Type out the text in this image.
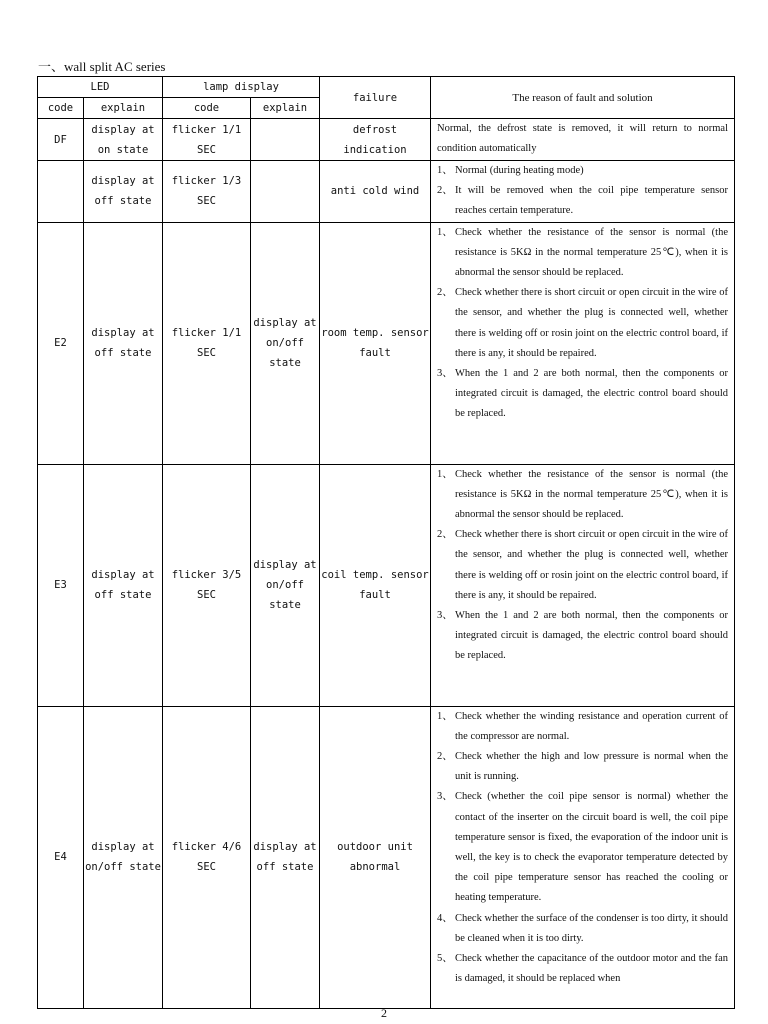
一、wall split AC series
LED		lamp display		failure	The reason of fault and solution
code	explain	code	explain		
DF	display at on state	flicker 1/1 SEC		defrost indication	Normal, the defrost state is removed, it will return to normal condition automatically

	display at off state	flicker 1/3 SEC		anti cold wind	1、 Normal (during heating mode)
2、 It will be removed when the coil pipe temperature sensor reaches certain temperature.

E2	display at off state	flicker 1/1 SEC	display at on/off state	room temp. sensor fault	1、 Check whether the resistance of the sensor is normal (the resistance is 5KΩ in the normal temperature 25℃), when it is abnormal the sensor should be replaced.
2、 Check whether there is short circuit or open circuit in the wire of the sensor, and whether the plug is connected well, whether there is welding off or rosin joint on the electric control board, if there is any, it should be repaired.
3、 When the 1 and 2 are both normal, then the components or integrated circuit is damaged, the electric control board should be replaced.

E3	display at off state	flicker 3/5 SEC	display at on/off state	coil temp. sensor fault	1、 Check whether the resistance of the sensor is normal (the resistance is 5KΩ in the normal temperature 25℃), when it is abnormal the sensor should be replaced.
2、 Check whether there is short circuit or open circuit in the wire of the sensor, and whether the plug is connected well, whether there is welding off or rosin joint on the electric control board, if there is any, it should be repaired.
3、 When the 1 and 2 are both normal, then the components or integrated circuit is damaged, the electric control board should be replaced.

E4	display at on/off state	flicker 4/6 SEC	display at off state	outdoor unit abnormal	1、 Check whether the winding resistance and operation current of the compressor are normal.
2、 Check whether the high and low pressure is normal when the unit is running.
3、 Check (whether the coil pipe sensor is normal) whether the contact of the inserter on the circuit board is well, the coil pipe temperature sensor is fixed, the evaporation of the indoor unit is well, the key is to check the evaporator temperature detected by the coil pipe temperature sensor has reached the cooling or heating temperature.
4、 Check whether the surface of the condenser is too dirty, it should be cleaned when it is too dirty.
5、 Check whether the capacitance of the outdoor motor and the fan is damaged, it should be replaced when
2
